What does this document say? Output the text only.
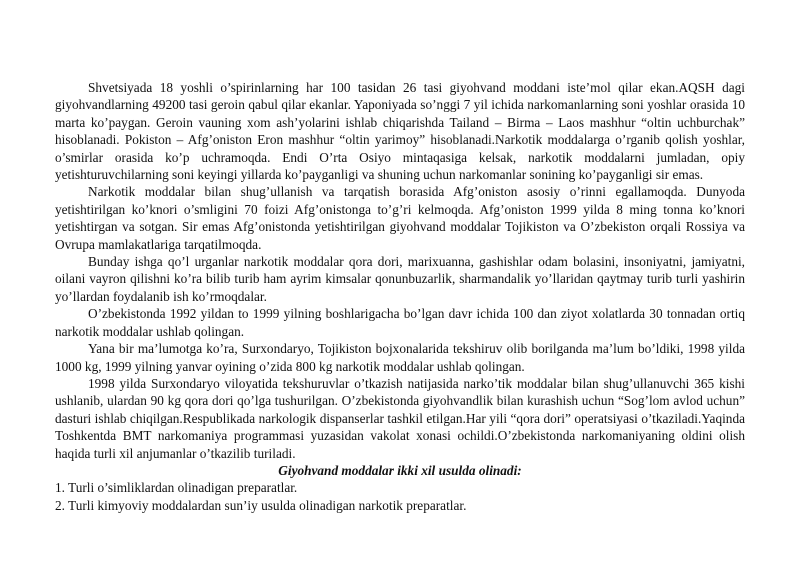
Shvetsiyada 18 yoshli o’spirinlarning har 100 tasidan 26 tasi giyohvand moddani iste’mol qilar ekan.AQSH dagi giyohvandlarning 49200 tasi geroin qabul qilar ekanlar. Yaponiyada so’nggi 7 yil ichida narkomanlarning soni yoshlar orasida 10 marta ko’paygan. Geroin vauning xom ash’yolarini ishlab chiqarishda Tailand – Birma – Laos mashhur “oltin uchburchak” hisoblanadi. Pokiston – Afg’oniston Eron mashhur “oltin yarimoy” hisoblanadi.Narkotik moddalarga o’rganib qolish yoshlar, o’smirlar orasida ko’p uchramoqda. Endi O’rta Osiyo mintaqasiga kelsak, narkotik moddalarni jumladan, opiy yetishturuvchilarning soni keyingi yillarda ko’payganligi va shuning uchun narkomanlar sonining ko’payganligi sir emas.

Narkotik moddalar bilan shug’ullanish va tarqatish borasida Afg’oniston asosiy o’rinni egallamoqda. Dunyoda yetishtirilgan ko’knori o’smligini 70 foizi Afg’onistonga to’g’ri kelmoqda. Afg’oniston 1999 yilda 8 ming tonna ko’knori yetishtirgan va sotgan. Sir emas Afg’onistonda yetishtirilgan giyohvand moddalar Tojikiston va O’zbekiston orqali Rossiya va Ovrupa mamlakatlariga tarqatilmoqda.

Bunday ishga qo’l urganlar narkotik moddalar qora dori, marixuanna, gashishlar odam bolasini, insoniyatni, jamiyatni, oilani vayron qilishni ko’ra bilib turib ham ayrim kimsalar qonunbuzarlik, sharmandalik yo’llaridan qaytmay turib turli yashirin yo’llardan foydalanib ish ko’rmoqdalar.

O’zbekistonda 1992 yildan to 1999 yilning boshlarigacha bo’lgan davr ichida 100 dan ziyot xolatlarda 30 tonnadan ortiq narkotik moddalar ushlab qolingan.

Yana bir ma’lumotga ko’ra, Surxondaryo, Tojikiston bojxonalarida tekshiruv olib borilganda ma’lum bo’ldiki, 1998 yilda 1000 kg, 1999 yilning yanvar oyining o’zida 800 kg narkotik moddalar ushlab qolingan.

1998 yilda Surxondaryo viloyatida tekshuruvlar o’tkazish natijasida narko’tik moddalar bilan shug’ullanuvchi 365 kishi ushlanib, ulardan 90 kg qora dori qo’lga tushurilgan. O’zbekistonda giyohvandlik bilan kurashish uchun “Sog’lom avlod uchun” dasturi ishlab chiqilgan.Respublikada narkologik dispanserlar tashkil etilgan.Har yili “qora dori” operatsiyasi o’tkaziladi.Yaqinda Toshkentda BMT narkomaniya programmasi yuzasidan vakolat xonasi ochildi.O’zbekistonda narkomaniyaning oldini olish haqida turli xil anjumanlar o’tkazilib turiladi.

Giyohvand moddalar ikki xil usulda olinadi:

1. Turli o’simliklardan olinadigan preparatlar.

2. Turli kimyoviy moddalardan sun’iy usulda olinadigan narkotik preparatlar.
